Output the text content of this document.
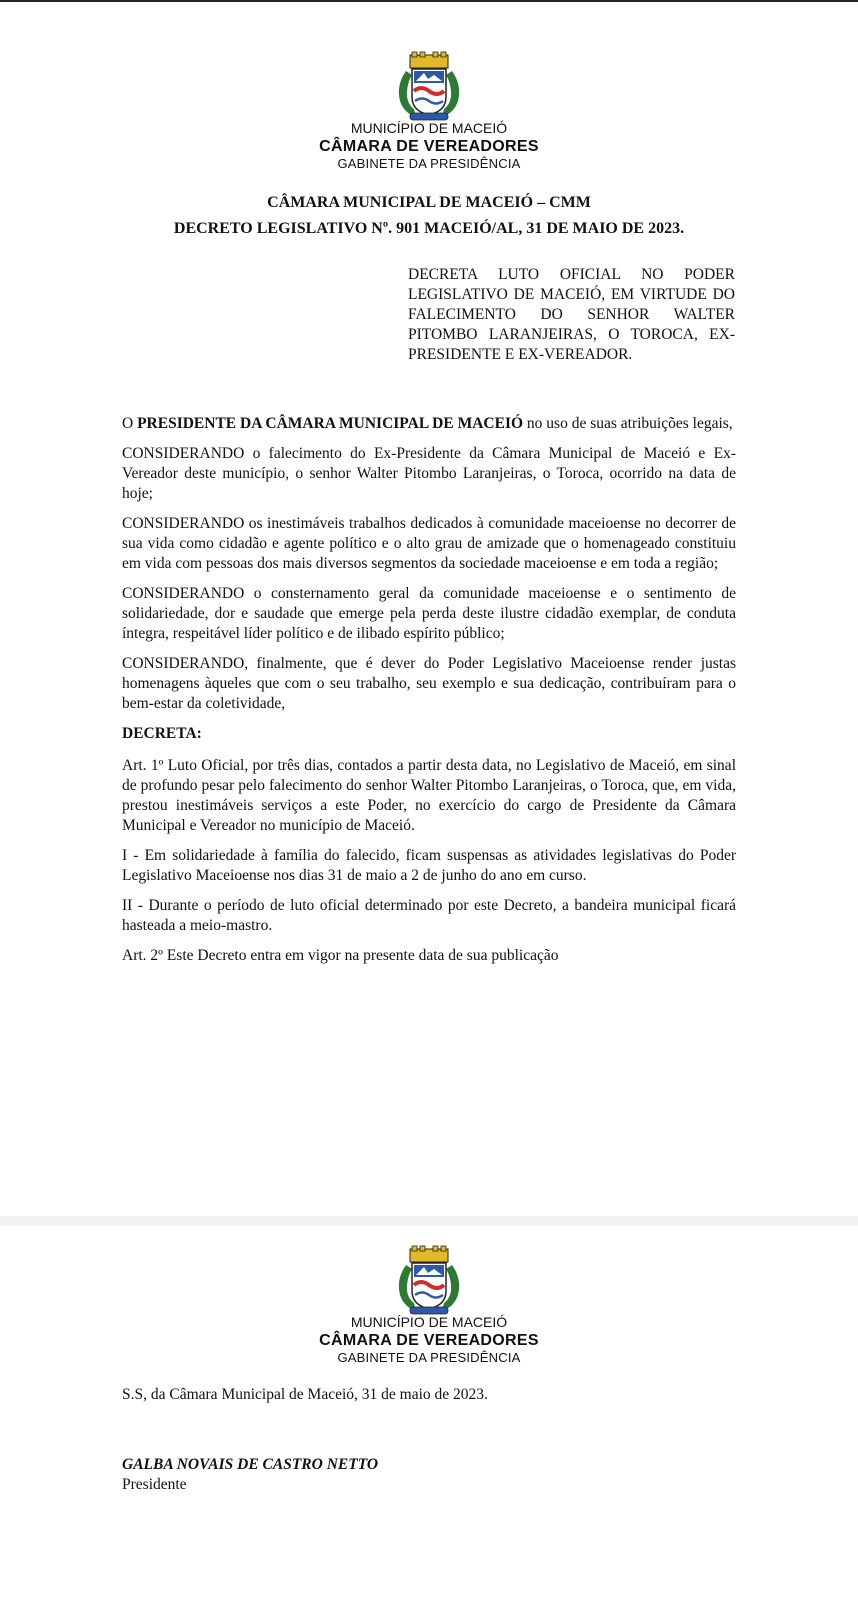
MUNICÍPIO DE MACEIÓ
CÂMARA DE VEREADORES
GABINETE DA PRESIDÊNCIA
CÂMARA MUNICIPAL DE MACEIÓ – CMM
DECRETO LEGISLATIVO Nº. 901 MACEIÓ/AL, 31 DE MAIO DE 2023.
DECRETA LUTO OFICIAL NO PODER LEGISLATIVO DE MACEIÓ, EM VIRTUDE DO FALECIMENTO DO SENHOR WALTER PITOMBO LARANJEIRAS, O TOROCA, EX-PRESIDENTE E EX-VEREADOR.

O PRESIDENTE DA CÂMARA MUNICIPAL DE MACEIÓ no uso de suas atribuições legais,

CONSIDERANDO o falecimento do Ex-Presidente da Câmara Municipal de Maceió e Ex-Vereador deste município, o senhor Walter Pitombo Laranjeiras, o Toroca, ocorrido na data de hoje;

CONSIDERANDO os inestimáveis trabalhos dedicados à comunidade maceioense no decorrer de sua vida como cidadão e agente político e o alto grau de amizade que o homenageado constituiu em vida com pessoas dos mais diversos segmentos da sociedade maceioense e em toda a região;

CONSIDERANDO o consternamento geral da comunidade maceioense e o sentimento de solidariedade, dor e saudade que emerge pela perda deste ilustre cidadão exemplar, de conduta íntegra, respeitável líder político e de ilibado espírito público;

CONSIDERANDO, finalmente, que é dever do Poder Legislativo Maceioense render justas homenagens àqueles que com o seu trabalho, seu exemplo e sua dedicação, contribuíram para o bem-estar da coletividade,

DECRETA:

Art. 1º Luto Oficial, por três dias, contados a partir desta data, no Legislativo de Maceió, em sinal de profundo pesar pelo falecimento do senhor Walter Pitombo Laranjeiras, o Toroca, que, em vida, prestou inestimáveis serviços a este Poder, no exercício do cargo de Presidente da Câmara Municipal e Vereador no município de Maceió.

I - Em solidariedade à família do falecido, ficam suspensas as atividades legislativas do Poder Legislativo Maceioense nos dias 31 de maio a 2 de junho do ano em curso.

II - Durante o período de luto oficial determinado por este Decreto, a bandeira municipal ficará hasteada a meio-mastro.

Art. 2º Este Decreto entra em vigor na presente data de sua publicação

MUNICÍPIO DE MACEIÓ
CÂMARA DE VEREADORES
GABINETE DA PRESIDÊNCIA
S.S, da Câmara Municipal de Maceió, 31 de maio de 2023.
GALBA NOVAIS DE CASTRO NETTO
Presidente
